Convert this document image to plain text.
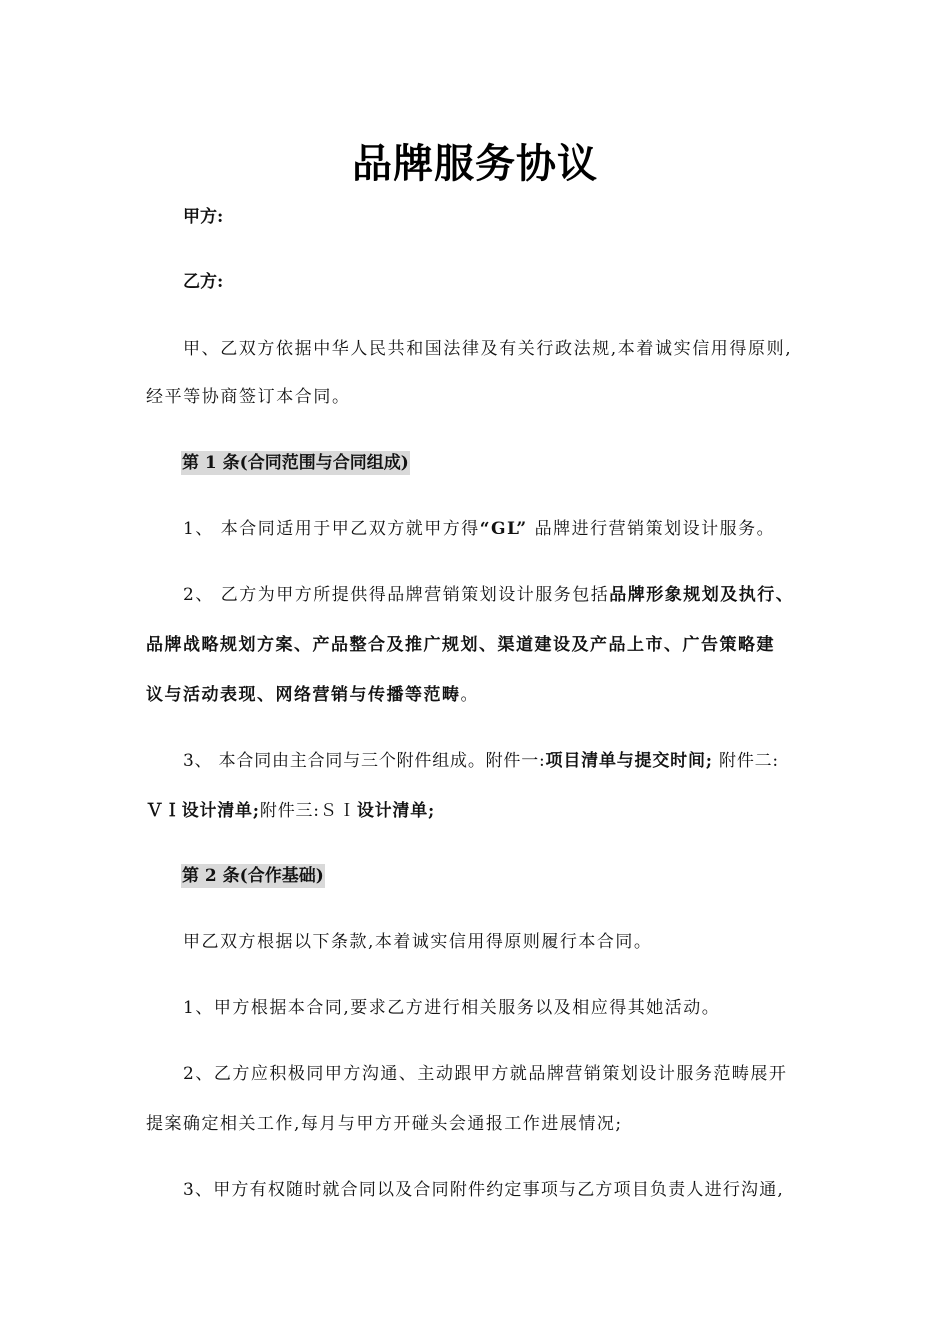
品牌服务协议
甲方:
乙方:
甲、乙双方依据中华人民共和国法律及有关行政法规,本着诚实信用得原则,
经平等协商签订本合同。
第 1 条(合同范围与合同组成)
1、 本合同适用于甲乙双方就甲方得“GL” 品牌进行营销策划设计服务。
2、 乙方为甲方所提供得品牌营销策划设计服务包括品牌形象规划及执行、
品牌战略规划方案、产品整合及推广规划、渠道建设及产品上市、广告策略建
议与活动表现、网络营销与传播等范畴。
3、 本合同由主合同与三个附件组成。附件一:项目清单与提交时间; 附件二:
ＶＩ设计清单;附件三:ＳＩ设计清单;
第 2 条(合作基础)
甲乙双方根据以下条款,本着诚实信用得原则履行本合同。
1、甲方根据本合同,要求乙方进行相关服务以及相应得其她活动。
2、乙方应积极同甲方沟通、主动跟甲方就品牌营销策划设计服务范畴展开
提案确定相关工作,每月与甲方开碰头会通报工作进展情况;
3、甲方有权随时就合同以及合同附件约定事项与乙方项目负责人进行沟通,
